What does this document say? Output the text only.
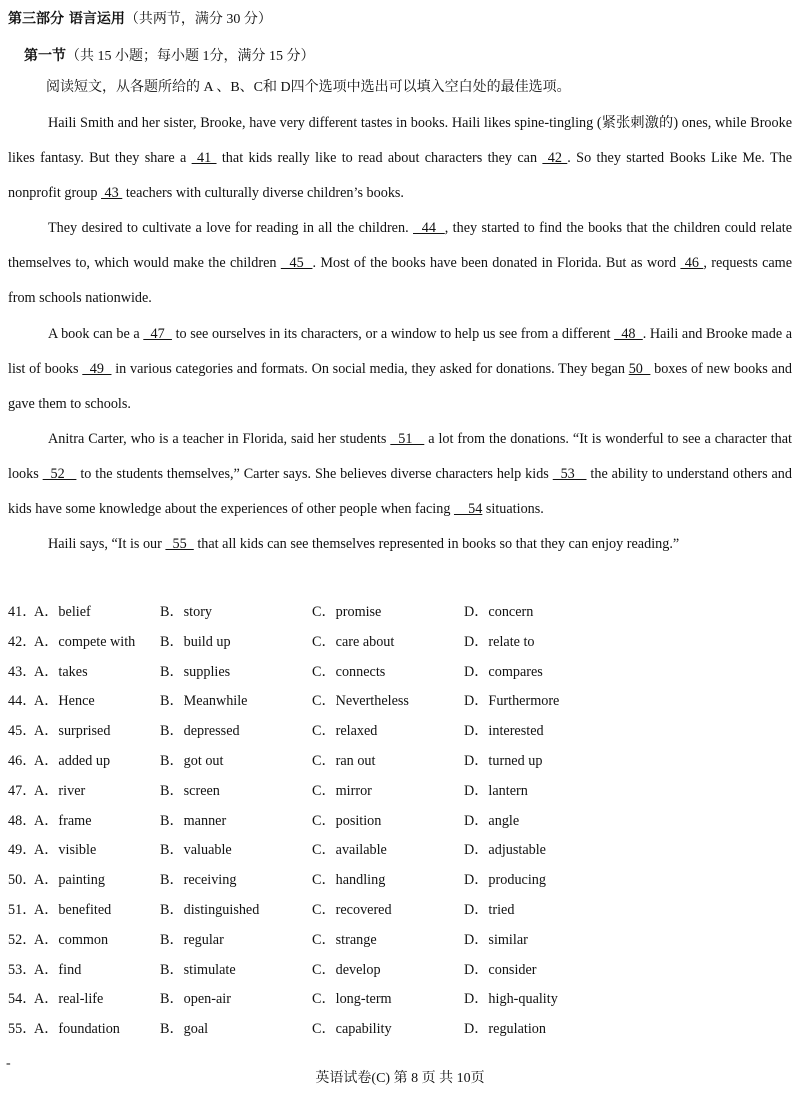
第三部分 语言运用（共两节，满分 30 分）
第一节（共 15 小题；每小题 1分，满分 15 分）
阅读短文，从各题所给的 A 、B、C和 D四个选项中选出可以填入空白处的最佳选项。

Haili Smith and her sister, Brooke, have very different tastes in books. Haili likes spine-tingling (紧张刺激的) ones, while Brooke likes fantasy. But they share a  41  that kids really like to read about characters they can  42 . So they started Books Like Me. The nonprofit group  43  teachers with culturally diverse children’s books.

They desired to cultivate a love for reading in all the children.   44  , they started to find the books that the children could relate themselves to, which would make the children   45  . Most of the books have been donated in Florida. But as word  46 , requests came from schools nationwide.

A book can be a   47   to see ourselves in its characters, or a window to help us see from a different   48  . Haili and Brooke made a list of books   49   in various categories and formats. On social media, they asked for donations. They began 50   boxes of new books and gave them to schools.

Anitra Carter, who is a teacher in Florida, said her students   51    a lot from the donations. “It is wonderful to see a character that looks   52    to the students themselves,” Carter says. She believes diverse characters help kids   53    the ability to understand others and kids have some knowledge about the experiences of other people when facing     54 situations.

Haili says, “It is our   55   that all kids can see themselves represented in books so that they can enjoy reading.”

41．
A．belief	B．story	C．promise	D．concern
42．
A．compete with B．build up	C．care about	D．relate to
43．
A．takes	B．supplies	C．connects	D．compares
44．
A．Hence	B．Meanwhile	C．Nevertheless	D．Furthermore
45．
A．surprised	B．depressed	C．relaxed	D．interested
46．
A．added up	B．got out	C．ran out	D．turned up
47．
A．river	B．screen	C．mirror	D．lantern
48．
A．frame	B．manner	C．position	D．angle
49．
A．visible	B．valuable	C．available	D．adjustable
50．
A．painting	B．receiving	C．handling	D．producing
51．
A．benefited	B．distinguished	C．recovered	D．tried
52．
A．common	B．regular	C．strange	D．similar
53．
A．find	B．stimulate	C．develop	D．consider
54．
A．real-life	B．open-air	C．long-term	D．high-quality
55．
A．foundation	B．goal	C．capability	D．regulation
-
英语试卷(C) 第 8 页 共 10页
